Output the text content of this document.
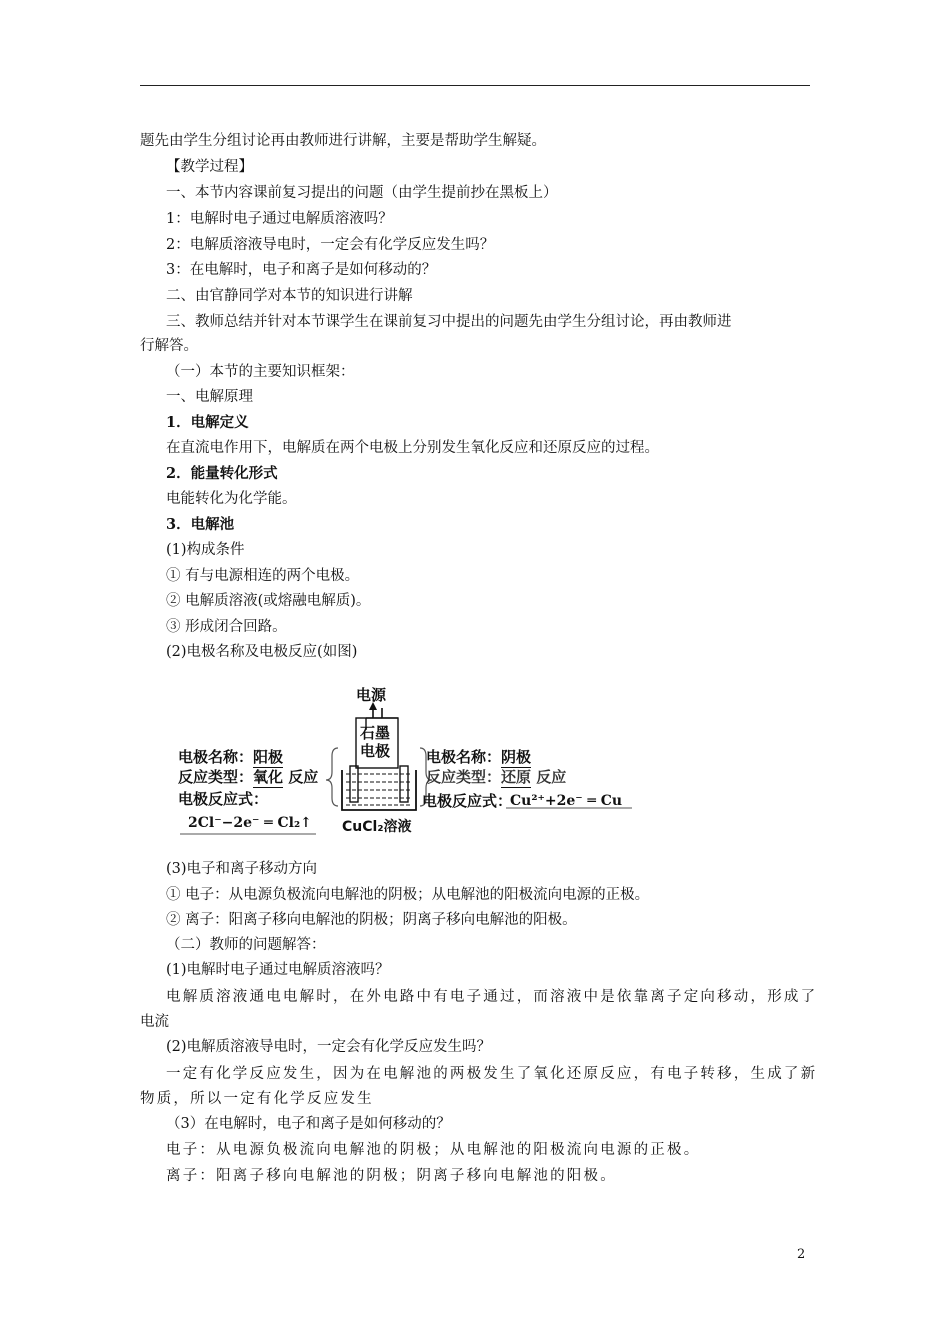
题先由学生分组讨论再由教师进行讲解，主要是帮助学生解疑。
【教学过程】
一、本节内容课前复习提出的问题（由学生提前抄在黑板上）
1：电解时电子通过电解质溶液吗？
2：电解质溶液导电时，一定会有化学反应发生吗？
3：在电解时，电子和离子是如何移动的？
二、由官静同学对本节的知识进行讲解
三、教师总结并针对本节课学生在课前复习中提出的问题先由学生分组讨论，再由教师进
行解答。
（一）本节的主要知识框架：
一、电解原理
1．电解定义
在直流电作用下，电解质在两个电极上分别发生氧化反应和还原反应的过程。
2．能量转化形式
电能转化为化学能。
3．电解池
(1)构成条件
① 有与电源相连的两个电极。
② 电解质溶液(或熔融电解质)。
③ 形成闭合回路。
(2)电极名称及电极反应(如图)
电源
石墨
电极
CuCl₂溶液
电极名称：阳极
反应类型：氧化 反应
电极反应式：
2Cl⁻−2e⁻ ═ Cl₂↑
电极名称：阴极
反应类型：还原 反应
电极反应式：
Cu²⁺+2e⁻ ═ Cu
(3)电子和离子移动方向
① 电子：从电源负极流向电解池的阴极；从电解池的阳极流向电源的正极。
② 离子：阳离子移向电解池的阴极；阴离子移向电解池的阳极。
（二）教师的问题解答：
(1)电解时电子通过电解质溶液吗？
电解质溶液通电电解时，在外电路中有电子通过，而溶液中是依靠离子定向移动，形成了
电流
(2)电解质溶液导电时，一定会有化学反应发生吗？
一定有化学反应发生，因为在电解池的两极发生了氧化还原反应，有电子转移，生成了新
物质，所以一定有化学反应发生
（3）在电解时，电子和离子是如何移动的？
电子：从电源负极流向电解池的阴极；从电解池的阳极流向电源的正极。
离子：阳离子移向电解池的阴极；阴离子移向电解池的阳极。
2
